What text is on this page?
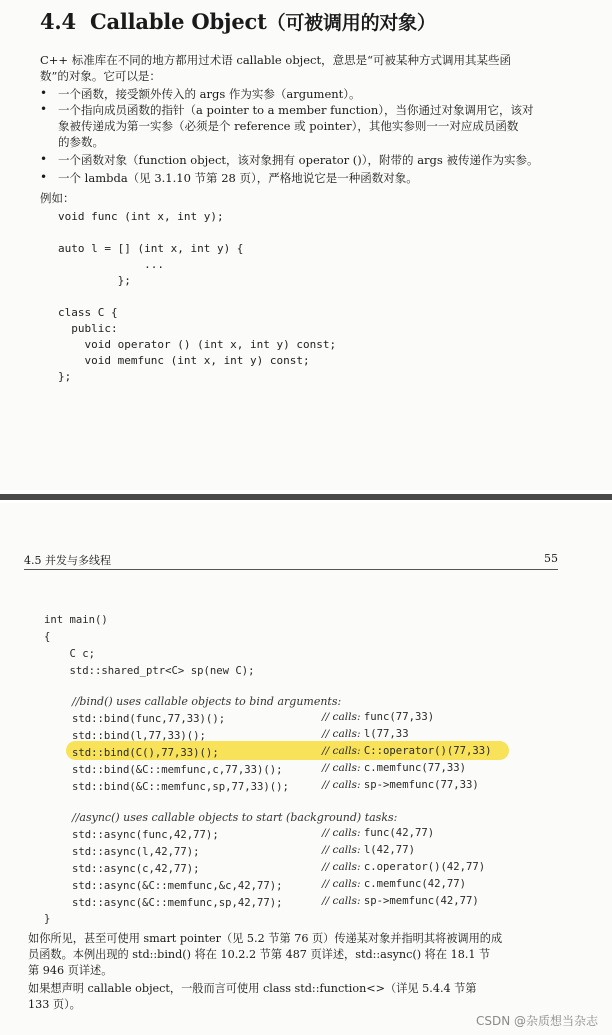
4.4 Callable Object（可被调用的对象）
C++ 标准库在不同的地方都用过术语 callable object，意思是“可被某种方式调用其某些函
数”的对象。它可以是：
• 一个函数，接受额外传入的 args 作为实参（argument）。
• 一个指向成员函数的指针（a pointer to a member function），当你通过对象调用它，该对
象被传递成为第一实参（必须是个 reference 或 pointer），其他实参则一一对应成员函数
的参数。
• 一个函数对象（function object，该对象拥有 operator ()），附带的 args 被传递作为实参。
• 一个 lambda（见 3.1.10 节第 28 页），严格地说它是一种函数对象。
例如：
void func (int x, int y);

auto l = [] (int x, int y) {
...
};

class C {
public:
void operator () (int x, int y) const;
void memfunc (int x, int y) const;
};
4.5 并发与多线程	55
int main()
{
C c;
std::shared_ptr<C> sp(new C);
//bind() uses callable objects to bind arguments:
std::bind(func,77,33)();	// calls: func(77,33)
std::bind(l,77,33)();	// calls: l(77,33
std::bind(C(),77,33)();	// calls: C::operator()(77,33)
std::bind(&C::memfunc,c,77,33)();	// calls: c.memfunc(77,33)
std::bind(&C::memfunc,sp,77,33)();	// calls: sp->memfunc(77,33)
//async() uses callable objects to start (background) tasks:
std::async(func,42,77);	// calls: func(42,77)
std::async(l,42,77);	// calls: l(42,77)
std::async(c,42,77);	// calls: c.operator()(42,77)
std::async(&C::memfunc,&c,42,77);	// calls: c.memfunc(42,77)
std::async(&C::memfunc,sp,42,77);	// calls: sp->memfunc(42,77)
}
如你所见，甚至可使用 smart pointer（见 5.2 节第 76 页）传递某对象并指明其将被调用的成
员函数。本例出现的 std::bind() 将在 10.2.2 节第 487 页详述，std::async() 将在 18.1 节
第 946 页详述。
如果想声明 callable object，一般而言可使用 class std::function<>（详见 5.4.4 节第
133 页）。
CSDN @杂质想当杂志
